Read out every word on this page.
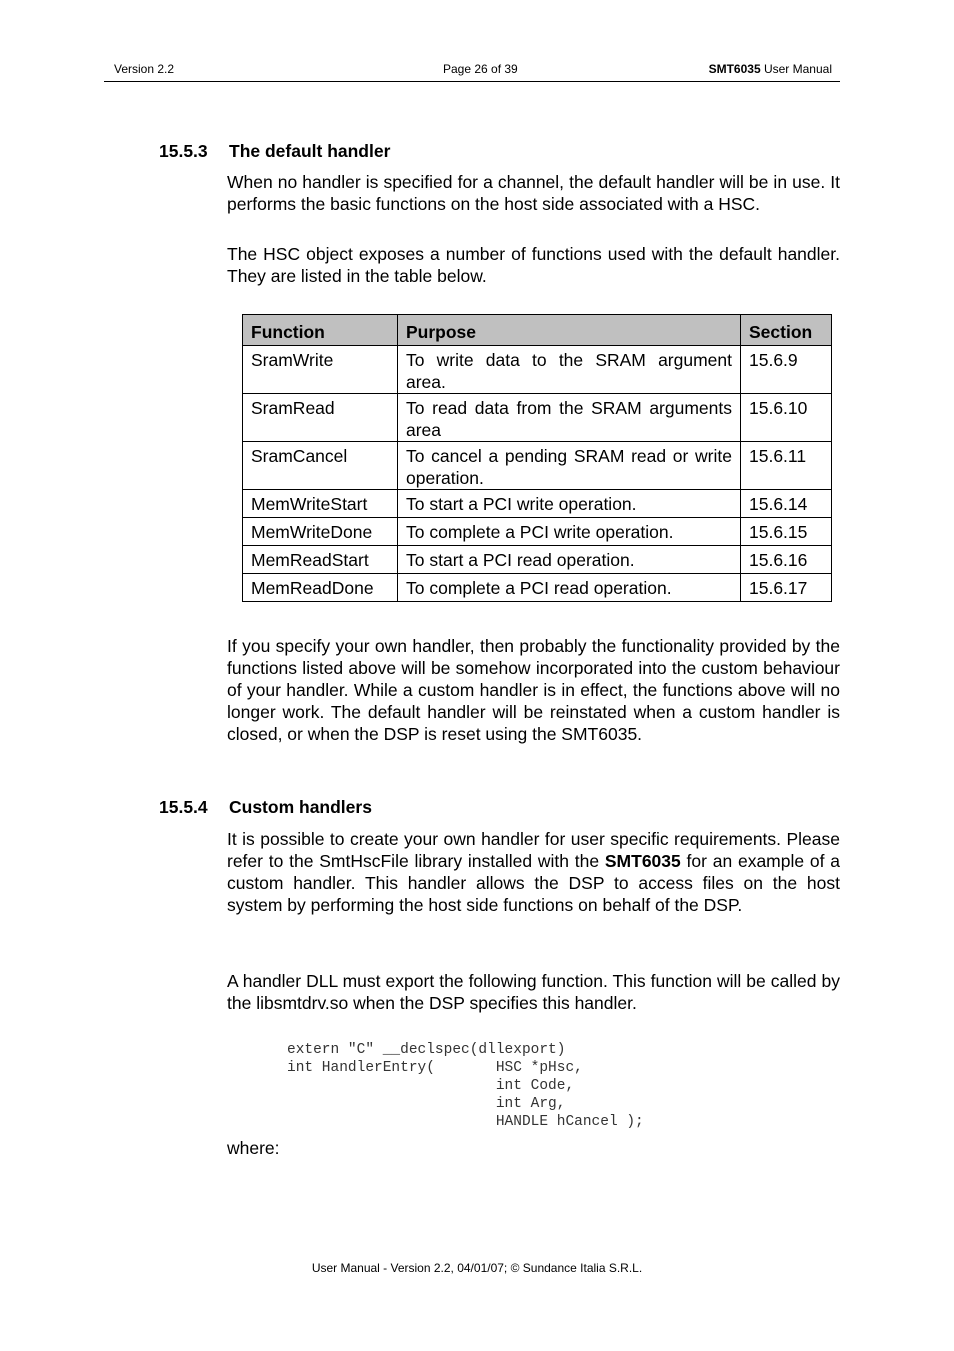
Version 2.2	Page 26 of 39	SMT6035 User Manual
15.5.3 The default handler
When no handler is specified for a channel, the default handler will be in use. It performs the basic functions on the host side associated with a HSC.
The HSC object exposes a number of functions used with the default handler. They are listed in the table below.
Function	Purpose	Section
SramWrite	To write data to the SRAM argument area.	15.6.9
SramRead	To read data from the SRAM arguments area	15.6.10
SramCancel	To cancel a pending SRAM read or write operation.	15.6.11
MemWriteStart	To start a PCI write operation.	15.6.14
MemWriteDone	To complete a PCI write operation.	15.6.15
MemReadStart	To start a PCI read operation.	15.6.16
MemReadDone	To complete a PCI read operation.	15.6.17
If you specify your own handler, then probably the functionality provided by the functions listed above will be somehow incorporated into the custom behaviour of your handler. While a custom handler is in effect, the functions above will no longer work. The default handler will be reinstated when a custom handler is closed, or when the DSP is reset using the SMT6035.
15.5.4 Custom handlers
It is possible to create your own handler for user specific requirements. Please refer to the SmtHscFile library installed with the SMT6035 for an example of a custom handler. This handler allows the DSP to access files on the host system by performing the host side functions on behalf of the DSP.
A handler DLL must export the following function. This function will be called by the libsmtdrv.so when the DSP specifies this handler.
extern "C" __declspec(dllexport)
int HandlerEntry(       HSC *pHsc,
int Code,
int Arg,
HANDLE hCancel );
where:
User Manual - Version 2.2, 04/01/07; © Sundance Italia S.R.L.
